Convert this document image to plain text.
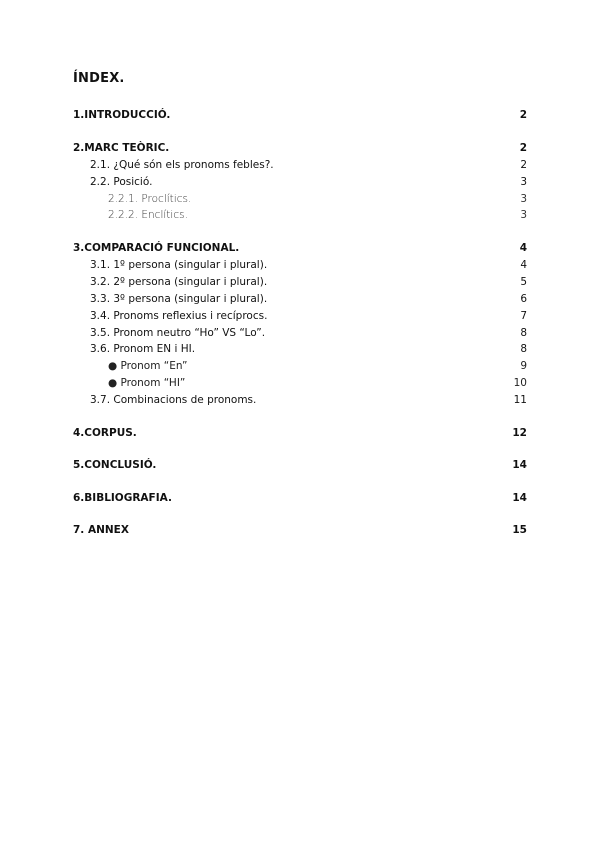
ÍNDEX.
1.INTRODUCCIÓ.	2
2.MARC TEÒRIC.	2
2.1. ¿Qué són els pronoms febles?.	2
2.2. Posició.	3
2.2.1. Proclítics.	3
2.2.2. Enclítics.	3
3.COMPARACIÓ FUNCIONAL.	4
3.1. 1º persona (singular i plural).	4
3.2. 2º persona (singular i plural).	5
3.3. 3º persona (singular i plural).	6
3.4. Pronoms reflexius i recíprocs.	7
3.5. Pronom neutro “Ho” VS “Lo”.	8
3.6. Pronom EN i HI.	8
● Pronom “En”	9
● Pronom “HI”	10
3.7. Combinacions de pronoms.	11
4.CORPUS.	12
5.CONCLUSIÓ.	14
6.BIBLIOGRAFIA.	14
7. ANNEX	15
